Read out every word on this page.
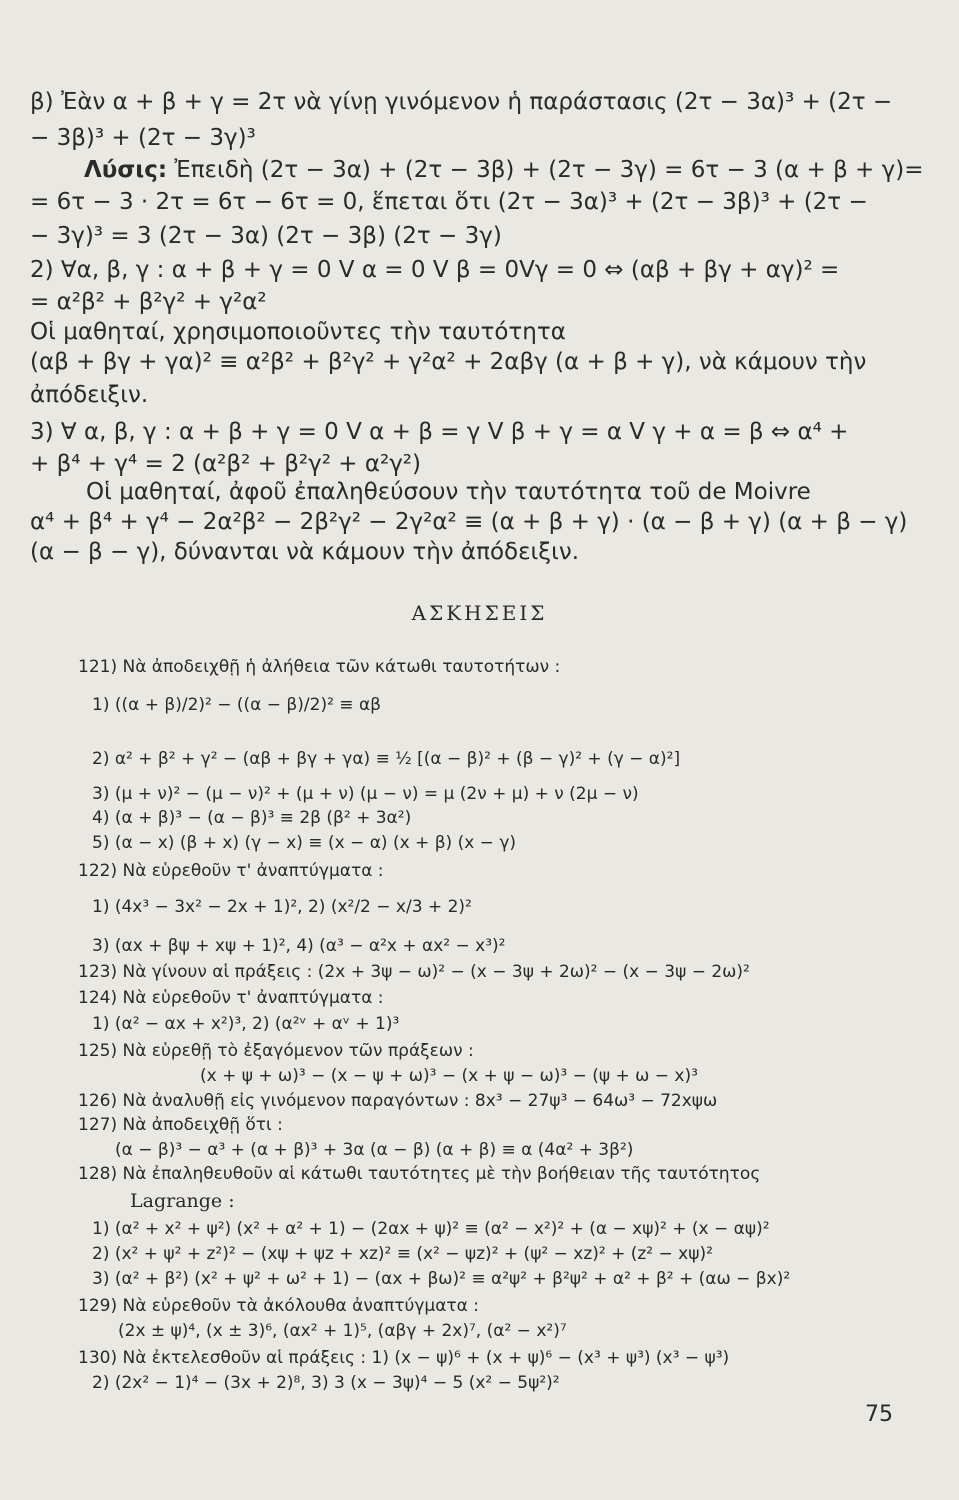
β) Ἐὰν α + β + γ = 2τ νὰ γίνῃ γινόμενον ἡ παράστασις (2τ − 3α)³ + (2τ −
− 3β)³ + (2τ − 3γ)³
Λύσις: Ἐπειδὴ (2τ − 3α) + (2τ − 3β) + (2τ − 3γ) = 6τ − 3 (α + β + γ)=
= 6τ − 3 · 2τ = 6τ − 6τ = 0, ἕπεται ὅτι (2τ − 3α)³ + (2τ − 3β)³ + (2τ −
− 3γ)³ = 3 (2τ − 3α) (2τ − 3β) (2τ − 3γ)
2) ∀α, β, γ : α + β + γ = 0 V α = 0 V β = 0Vγ = 0 ⇔ (αβ + βγ + αγ)² =
= α²β² + β²γ² + γ²α²
Οἱ μαθηταί, χρησιμοποιοῦντες τὴν ταυτότητα
(αβ + βγ + γα)² ≡ α²β² + β²γ² + γ²α² + 2αβγ (α + β + γ), νὰ κάμουν τὴν
ἀπόδειξιν.
3) ∀ α, β, γ : α + β + γ = 0 V α + β = γ V β + γ = α V γ + α = β ⇔ α⁴ +
+ β⁴ + γ⁴ = 2 (α²β² + β²γ² + α²γ²)
Οἱ μαθηταί, ἀφοῦ ἐπαληθεύσουν τὴν ταυτότητα τοῦ de Moivre
α⁴ + β⁴ + γ⁴ − 2α²β² − 2β²γ² − 2γ²α² ≡ (α + β + γ) · (α − β + γ) (α + β − γ)
(α − β − γ), δύνανται νὰ κάμουν τὴν ἀπόδειξιν.
ΑΣΚΗΣΕΙΣ
121) Νὰ ἀποδειχθῇ ἡ ἀλήθεια τῶν κάτωθι ταυτοτήτων :
1) ((α + β)/2)² − ((α − β)/2)² ≡ αβ
2) α² + β² + γ² − (αβ + βγ + γα) ≡ ½ [(α − β)² + (β − γ)² + (γ − α)²]
3) (μ + ν)² − (μ − ν)² + (μ + ν) (μ − ν) = μ (2ν + μ) + ν (2μ − ν)
4) (α + β)³ − (α − β)³ ≡ 2β (β² + 3α²)
5) (α − x) (β + x) (γ − x) ≡ (x − α) (x + β) (x − γ)
122) Νὰ εὑρεθοῦν τ' ἀναπτύγματα :
1) (4x³ − 3x² − 2x + 1)², 2) (x²/2 − x/3 + 2)²
3) (αx + βψ + xψ + 1)², 4) (α³ − α²x + αx² − x³)²
123) Νὰ γίνουν αἱ πράξεις : (2x + 3ψ − ω)² − (x − 3ψ + 2ω)² − (x − 3ψ − 2ω)²
124) Νὰ εὑρεθοῦν τ' ἀναπτύγματα :
1) (α² − αx + x²)³, 2) (α²ᵛ + αᵛ + 1)³
125) Νὰ εὑρεθῇ τὸ ἐξαγόμενον τῶν πράξεων :
(x + ψ + ω)³ − (x − ψ + ω)³ − (x + ψ − ω)³ − (ψ + ω − x)³
126) Νὰ ἀναλυθῇ εἰς γινόμενον παραγόντων : 8x³ − 27ψ³ − 64ω³ − 72xψω
127) Νὰ ἀποδειχθῇ ὅτι :
(α − β)³ − α³ + (α + β)³ + 3α (α − β) (α + β) ≡ α (4α² + 3β²)
128) Νὰ ἐπαληθευθοῦν αἱ κάτωθι ταυτότητες μὲ τὴν βοήθειαν τῆς ταυτότητος
Lagrange :
1) (α² + x² + ψ²) (x² + α² + 1) − (2αx + ψ)² ≡ (α² − x²)² + (α − xψ)² + (x − αψ)²
2) (x² + ψ² + z²)² − (xψ + ψz + xz)² ≡ (x² − ψz)² + (ψ² − xz)² + (z² − xψ)²
3) (α² + β²) (x² + ψ² + ω² + 1) − (αx + βω)² ≡ α²ψ² + β²ψ² + α² + β² + (αω − βx)²
129) Νὰ εὑρεθοῦν τὰ ἀκόλουθα ἀναπτύγματα :
(2x ± ψ)⁴, (x ± 3)⁶, (αx² + 1)⁵, (αβγ + 2x)⁷, (α² − x²)⁷
130) Νὰ ἐκτελεσθοῦν αἱ πράξεις : 1) (x − ψ)⁶ + (x + ψ)⁶ − (x³ + ψ³) (x³ − ψ³)
2) (2x² − 1)⁴ − (3x + 2)⁸, 3) 3 (x − 3ψ)⁴ − 5 (x² − 5ψ²)²
75
